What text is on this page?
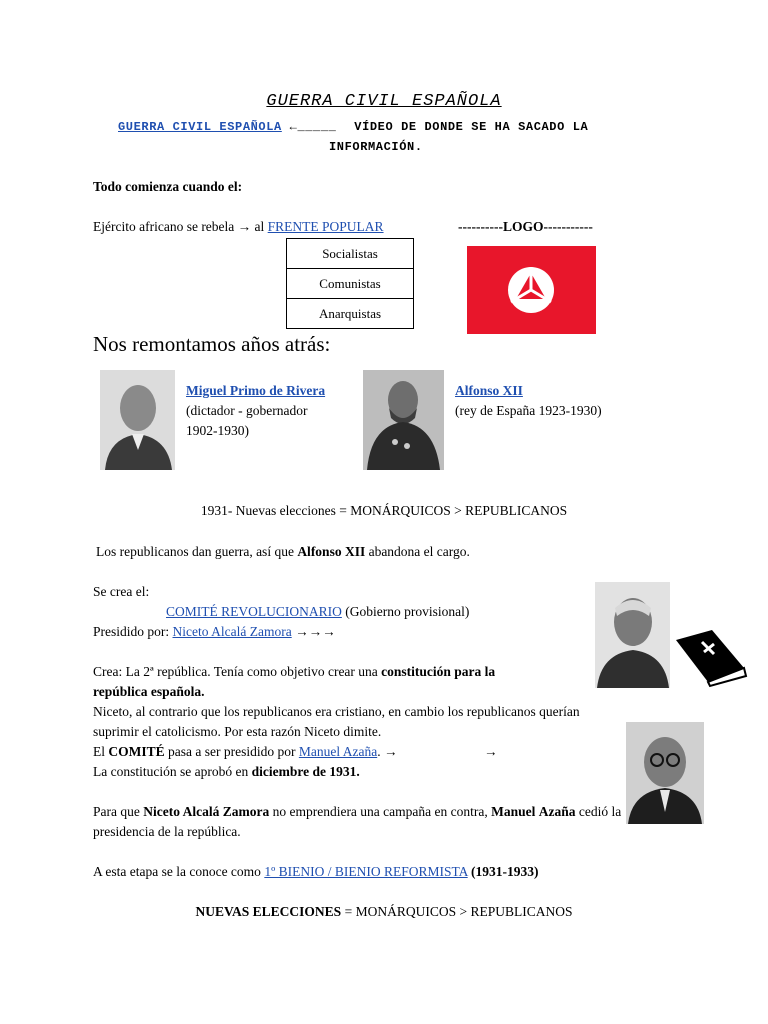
GUERRA CIVIL ESPAÑOLA
GUERRA CIVIL ESPAÑOLA ←_____ VÍDEO DE DONDE SE HA SACADO LA
INFORMACIÓN.
Todo comienza cuando el:
Ejército africano se rebela → al FRENTE POPULAR	----------LOGO-----------
Socialistas
Comunistas
Anarquistas
Nos remontamos años atrás:
Miguel Primo de Rivera
(dictador - gobernador
1902-1930)
Alfonso XII
(rey de España 1923-1930)
1931- Nuevas elecciones = MONÁRQUICOS > REPUBLICANOS
Los republicanos dan guerra, así que Alfonso XII abandona el cargo.
Se crea el:
COMITÉ REVOLUCIONARIO (Gobierno provisional)
Presidido por: Niceto Alcalá Zamora →→→
Crea: La 2ª república. Tenía como objetivo crear una constitución para la
república española.
Niceto, al contrario que los republicanos era cristiano, en cambio los republicanos querían
suprimir el catolicismo. Por esta razón Niceto dimite.
El COMITÉ pasa a ser presidido por Manuel Azaña. →	→
La constitución se aprobó en diciembre de 1931.
Para que Niceto Alcalá Zamora no emprendiera una campaña en contra, Manuel Azaña cedió la presidencia de la república.
A esta etapa se la conoce como 1º BIENIO / BIENIO REFORMISTA (1931-1933)
NUEVAS ELECCIONES = MONÁRQUICOS > REPUBLICANOS
